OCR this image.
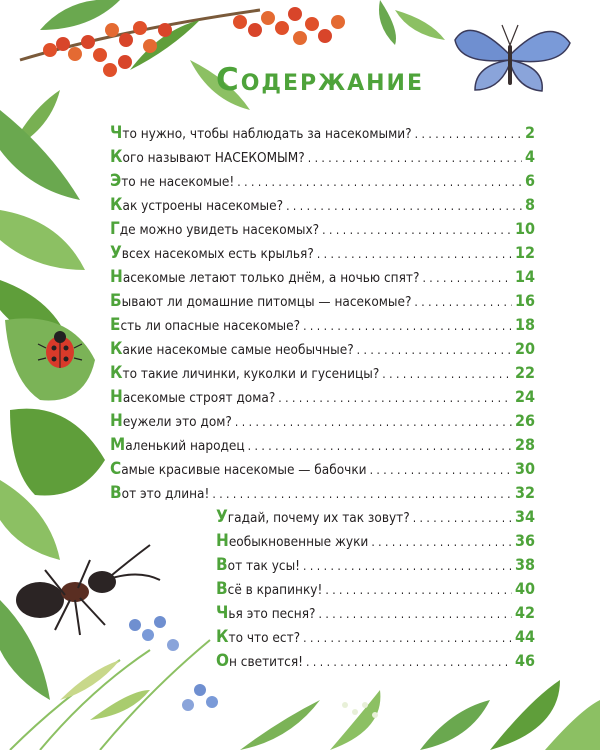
Содержание
Ч то нужно, чтобы наблюдать за насекомыми? . . .	2
К ого называют НАСЕКОМЫМ? . . .	4
Э то не насекомые! . . .	6
К ак устроены насекомые? . . .	8
Г де можно увидеть насекомых? . . .	10
У всех насекомых есть крылья? . . .	12
Н асекомые летают только днём, а ночью спят? . . .	14
Б ывают ли домашние питомцы — насекомые? . . .	16
Е сть ли опасные насекомые? . . .	18
К акие насекомые самые необычные? . . .	20
К то такие личинки, куколки и гусеницы? . . .	22
Н асекомые строят дома? . . .	24
Н еужели это дом? . . .	26
М аленький народец . . .	28
С амые красивые насекомые — бабочки . . .	30
В от это длина! . . .	32
У гадай, почему их так зовут? . . .	34
Н еобыкновенные жуки . . .	36
В от так усы! . . .	38
В сё в крапинку! . . .	40
Ч ья это песня? . . .	42
К то что ест? . . .	44
О н светится! . . .	46
